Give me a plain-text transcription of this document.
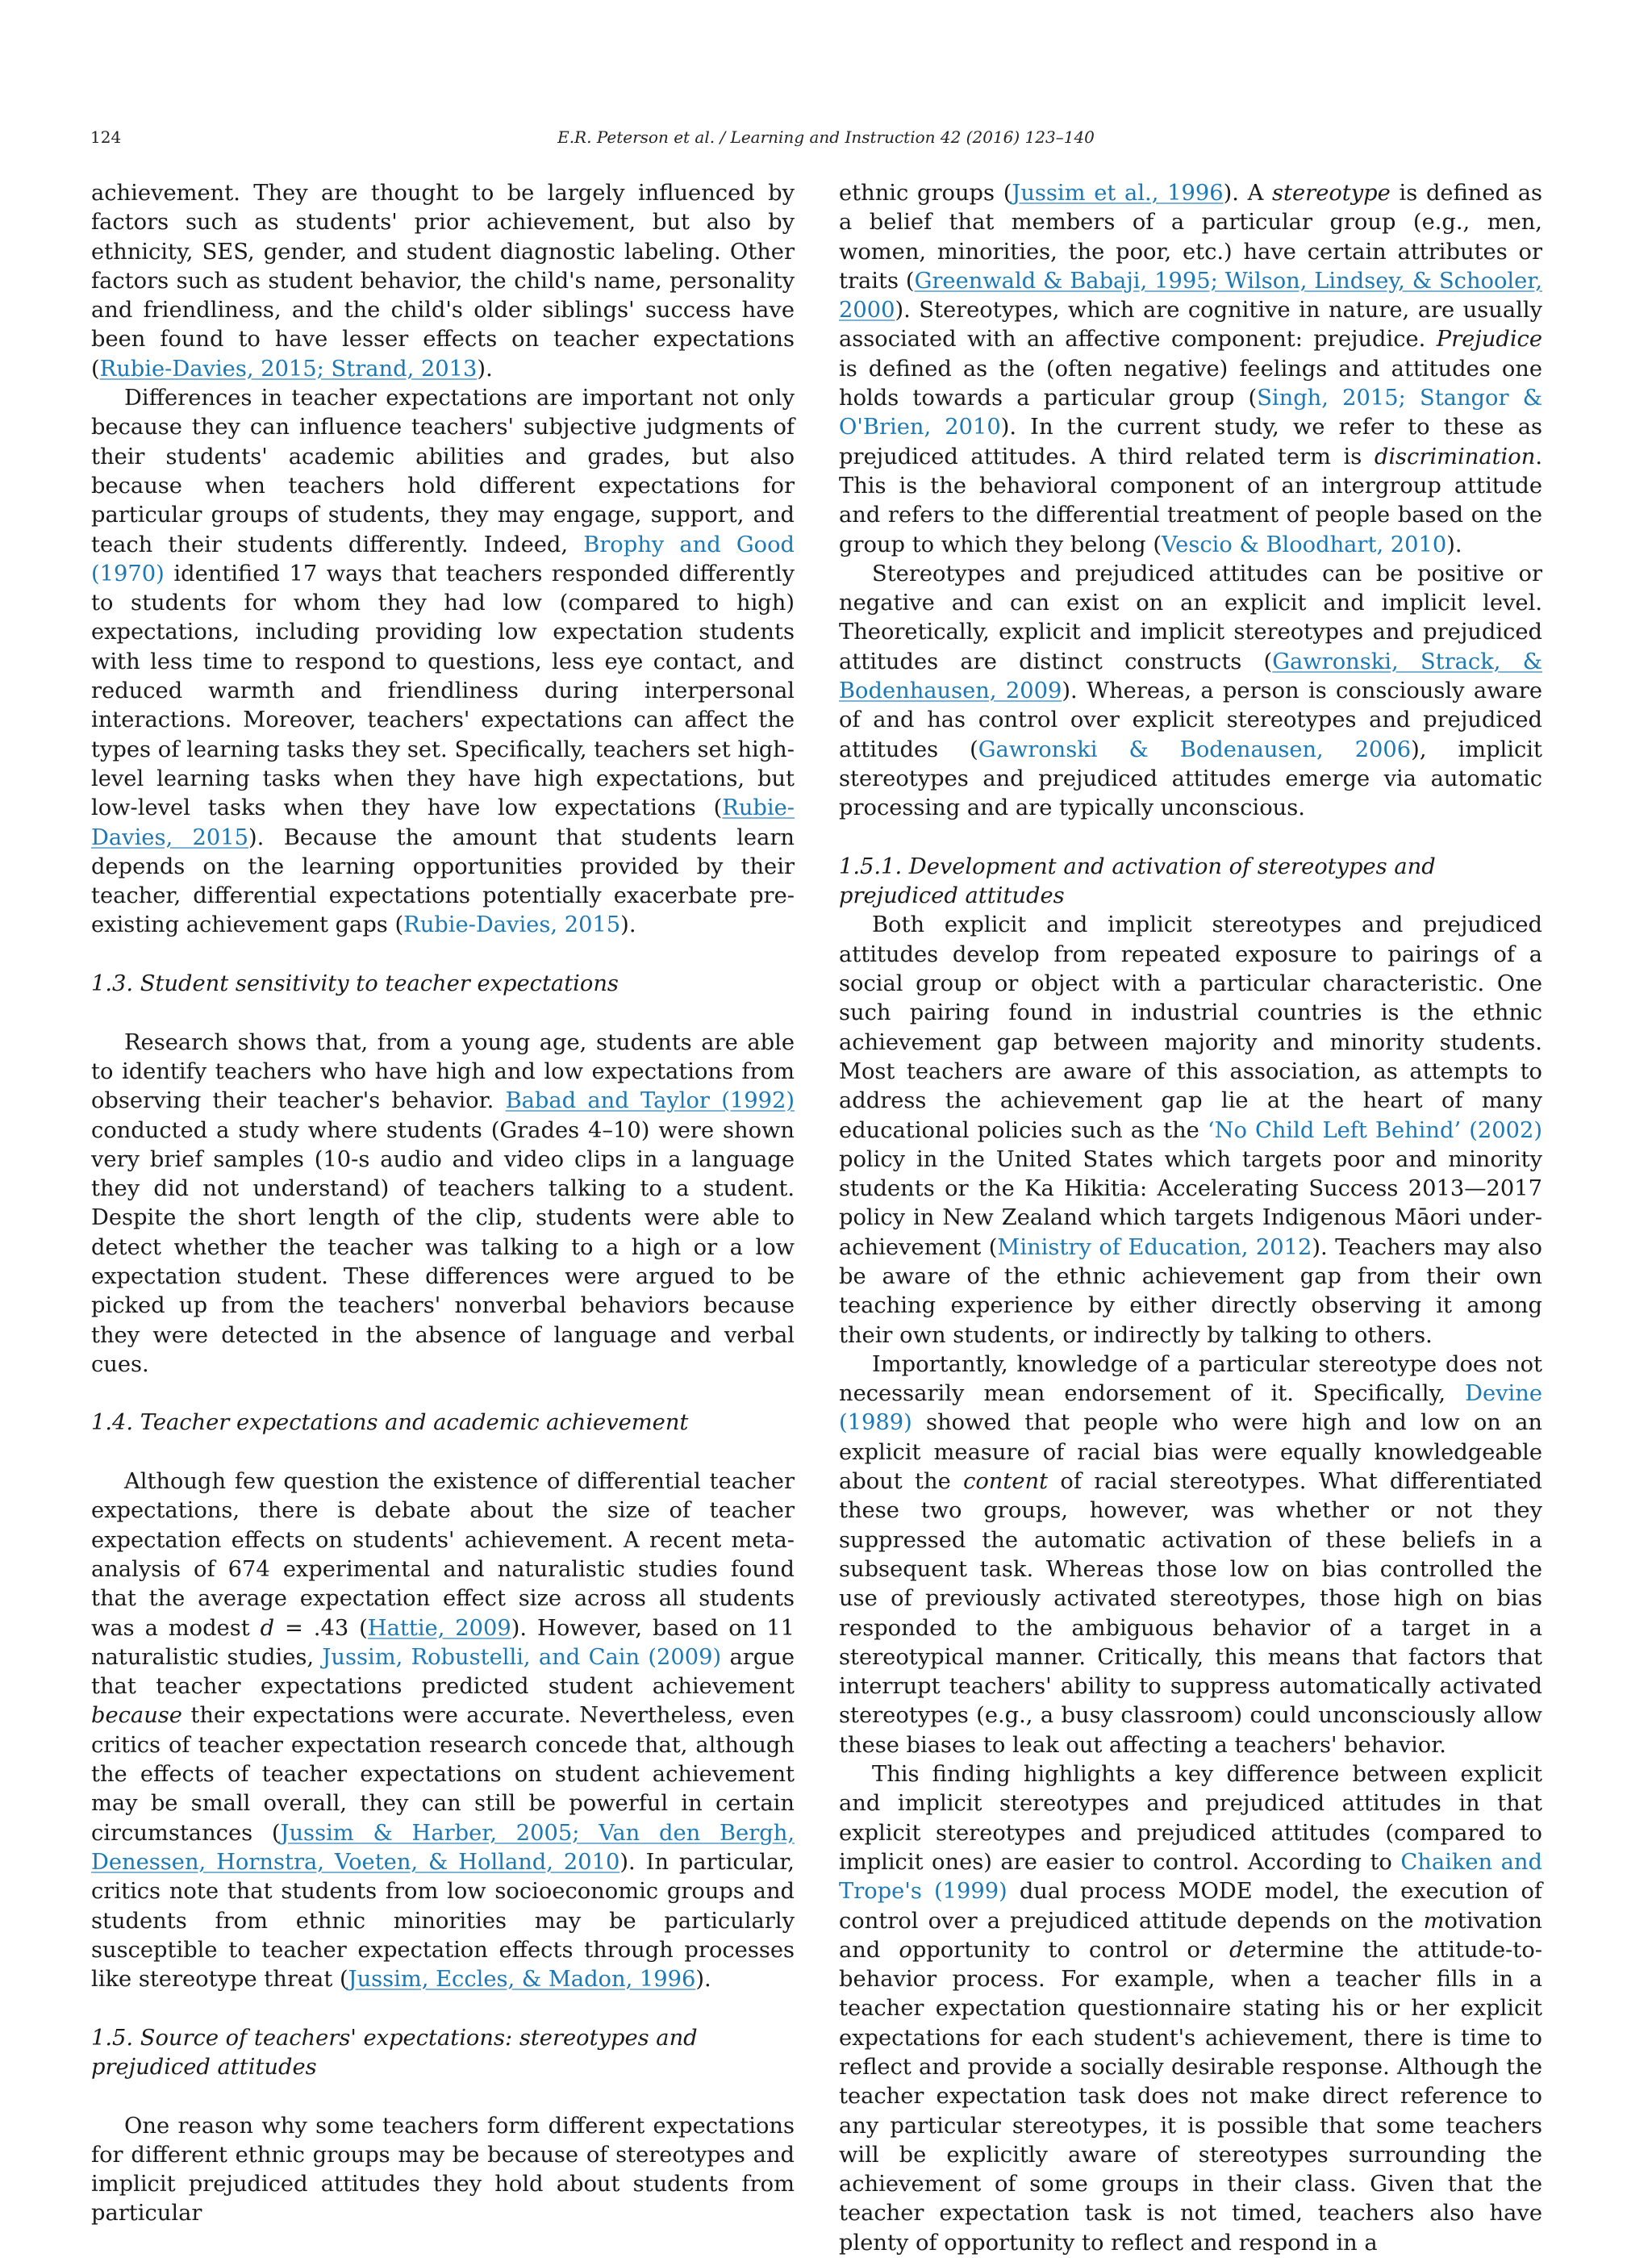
124	E.R. Peterson et al. / Learning and Instruction 42 (2016) 123–140

achievement. They are thought to be largely influenced by factors such as students' prior achievement, but also by ethnicity, SES, gender, and student diagnostic labeling. Other factors such as student behavior, the child's name, personality and friendliness, and the child's older siblings' success have been found to have lesser effects on teacher expectations (Rubie-Davies, 2015; Strand, 2013).

Differences in teacher expectations are important not only because they can influence teachers' subjective judgments of their students' academic abilities and grades, but also because when teachers hold different expectations for particular groups of students, they may engage, support, and teach their students differently. Indeed, Brophy and Good (1970) identified 17 ways that teachers responded differently to students for whom they had low (compared to high) expectations, including providing low expectation students with less time to respond to questions, less eye contact, and reduced warmth and friendliness during interpersonal interactions. Moreover, teachers' expectations can affect the types of learning tasks they set. Specifically, teachers set high-level learning tasks when they have high expectations, but low-level tasks when they have low expectations (Rubie-Davies, 2015). Because the amount that students learn depends on the learning opportunities provided by their teacher, differential expectations potentially exacerbate pre-existing achievement gaps (Rubie-Davies, 2015).

1.3. Student sensitivity to teacher expectations

Research shows that, from a young age, students are able to identify teachers who have high and low expectations from observing their teacher's behavior. Babad and Taylor (1992) conducted a study where students (Grades 4–10) were shown very brief samples (10-s audio and video clips in a language they did not understand) of teachers talking to a student. Despite the short length of the clip, students were able to detect whether the teacher was talking to a high or a low expectation student. These differences were argued to be picked up from the teachers' nonverbal behaviors because they were detected in the absence of language and verbal cues.

1.4. Teacher expectations and academic achievement

Although few question the existence of differential teacher expectations, there is debate about the size of teacher expectation effects on students' achievement. A recent meta-analysis of 674 experimental and naturalistic studies found that the average expectation effect size across all students was a modest d = .43 (Hattie, 2009). However, based on 11 naturalistic studies, Jussim, Robustelli, and Cain (2009) argue that teacher expectations predicted student achievement because their expectations were accurate. Nevertheless, even critics of teacher expectation research concede that, although the effects of teacher expectations on student achievement may be small overall, they can still be powerful in certain circumstances (Jussim & Harber, 2005; Van den Bergh, Denessen, Hornstra, Voeten, & Holland, 2010). In particular, critics note that students from low socioeconomic groups and students from ethnic minorities may be particularly susceptible to teacher expectation effects through processes like stereotype threat (Jussim, Eccles, & Madon, 1996).

1.5. Source of teachers' expectations: stereotypes and prejudiced attitudes

One reason why some teachers form different expectations for different ethnic groups may be because of stereotypes and implicit prejudiced attitudes they hold about students from particular

ethnic groups (Jussim et al., 1996). A stereotype is defined as a belief that members of a particular group (e.g., men, women, minorities, the poor, etc.) have certain attributes or traits (Greenwald & Babaji, 1995; Wilson, Lindsey, & Schooler, 2000). Stereotypes, which are cognitive in nature, are usually associated with an affective component: prejudice. Prejudice is defined as the (often negative) feelings and attitudes one holds towards a particular group (Singh, 2015; Stangor & O'Brien, 2010). In the current study, we refer to these as prejudiced attitudes. A third related term is discrimination. This is the behavioral component of an intergroup attitude and refers to the differential treatment of people based on the group to which they belong (Vescio & Bloodhart, 2010).

Stereotypes and prejudiced attitudes can be positive or negative and can exist on an explicit and implicit level. Theoretically, explicit and implicit stereotypes and prejudiced attitudes are distinct constructs (Gawronski, Strack, & Bodenhausen, 2009). Whereas, a person is consciously aware of and has control over explicit stereotypes and prejudiced attitudes (Gawronski & Bodenausen, 2006), implicit stereotypes and prejudiced attitudes emerge via automatic processing and are typically unconscious.

1.5.1. Development and activation of stereotypes and prejudiced attitudes

Both explicit and implicit stereotypes and prejudiced attitudes develop from repeated exposure to pairings of a social group or object with a particular characteristic. One such pairing found in industrial countries is the ethnic achievement gap between majority and minority students. Most teachers are aware of this association, as attempts to address the achievement gap lie at the heart of many educational policies such as the ‘No Child Left Behind’ (2002) policy in the United States which targets poor and minority students or the Ka Hikitia: Accelerating Success 2013—2017 policy in New Zealand which targets Indigenous Māori under-achievement (Ministry of Education, 2012). Teachers may also be aware of the ethnic achievement gap from their own teaching experience by either directly observing it among their own students, or indirectly by talking to others.

Importantly, knowledge of a particular stereotype does not necessarily mean endorsement of it. Specifically, Devine (1989) showed that people who were high and low on an explicit measure of racial bias were equally knowledgeable about the content of racial stereotypes. What differentiated these two groups, however, was whether or not they suppressed the automatic activation of these beliefs in a subsequent task. Whereas those low on bias controlled the use of previously activated stereotypes, those high on bias responded to the ambiguous behavior of a target in a stereotypical manner. Critically, this means that factors that interrupt teachers' ability to suppress automatically activated stereotypes (e.g., a busy classroom) could unconsciously allow these biases to leak out affecting a teachers' behavior.

This finding highlights a key difference between explicit and implicit stereotypes and prejudiced attitudes in that explicit stereotypes and prejudiced attitudes (compared to implicit ones) are easier to control. According to Chaiken and Trope's (1999) dual process MODE model, the execution of control over a prejudiced attitude depends on the motivation and opportunity to control or determine the attitude-to-behavior process. For example, when a teacher fills in a teacher expectation questionnaire stating his or her explicit expectations for each student's achievement, there is time to reflect and provide a socially desirable response. Although the teacher expectation task does not make direct reference to any particular stereotypes, it is possible that some teachers will be explicitly aware of stereotypes surrounding the achievement of some groups in their class. Given that the teacher expectation task is not timed, teachers also have plenty of opportunity to reflect and respond in a
